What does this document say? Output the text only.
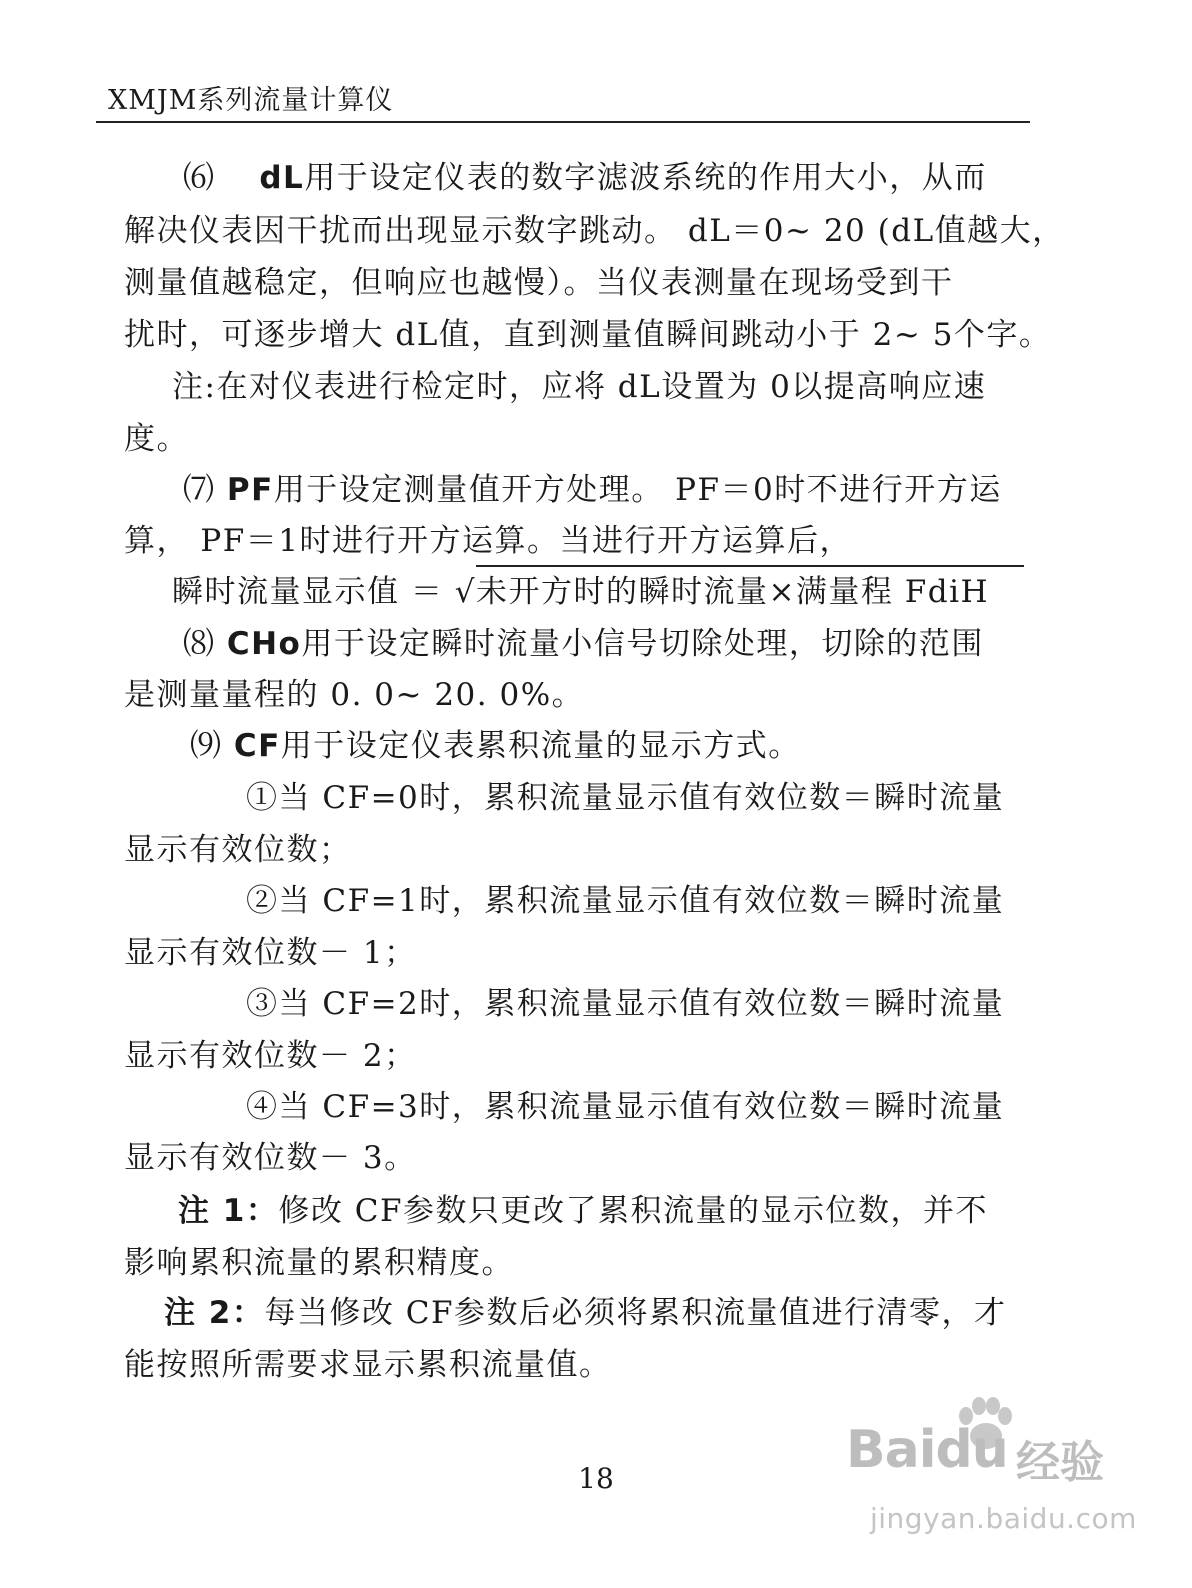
XMJM系列流量计算仪
⑹　 dL用于设定仪表的数字滤波系统的作用大小，从而
解决仪表因干扰而出现显示数字跳动。 dL＝0~ 20 (dL值越大，
测量值越稳定，但响应也越慢）。当仪表测量在现场受到干
扰时，可逐步增大 dL值，直到测量值瞬间跳动小于 2~ 5个字。
注:在对仪表进行检定时，应将 dL设置为 0以提高响应速
度。
⑺ PF用于设定测量值开方处理。 PF＝0时不进行开方运
算， PF＝1时进行开方运算。当进行开方运算后，
瞬时流量显示值 ＝ √未开方时的瞬时流量×满量程 FdiH
⑻ CHo用于设定瞬时流量小信号切除处理，切除的范围
是测量量程的 0. 0~ 20. 0%。
⑼ CF用于设定仪表累积流量的显示方式。
①当 CF=0时，累积流量显示值有效位数＝瞬时流量
显示有效位数；
②当 CF=1时，累积流量显示值有效位数＝瞬时流量
显示有效位数－ 1；
③当 CF=2时，累积流量显示值有效位数＝瞬时流量
显示有效位数－ 2；
④当 CF=3时，累积流量显示值有效位数＝瞬时流量
显示有效位数－ 3。
注 1：修改 CF参数只更改了累积流量的显示位数，并不
影响累积流量的累积精度。
注 2：每当修改 CF参数后必须将累积流量值进行清零，才
能按照所需要求显示累积流量值。
18	Baidu 经验
jingyan.baidu.com
